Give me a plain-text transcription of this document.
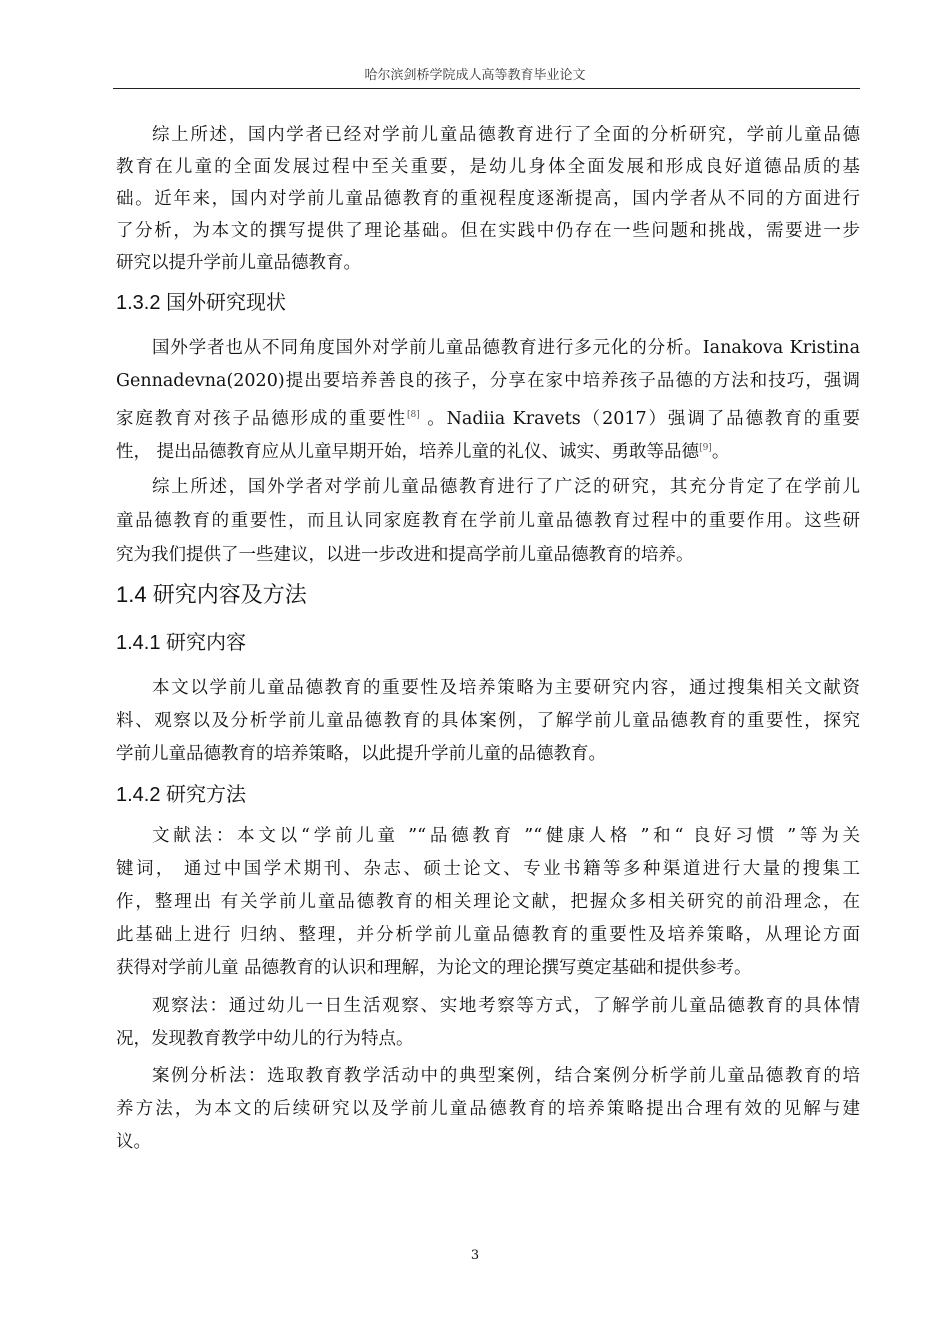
哈尔滨剑桥学院成人高等教育毕业论文
综上所述，国内学者已经对学前儿童品德教育进行了全面的分析研究，学前儿童品德
教育在儿童的全面发展过程中至关重要，是幼儿身体全面发展和形成良好道德品质的基
础。近年来，国内对学前儿童品德教育的重视程度逐渐提高，国内学者从不同的方面进行
了分析，为本文的撰写提供了理论基础。但在实践中仍存在一些问题和挑战，需要进一步
研究以提升学前儿童品德教育。
1.3.2 国外研究现状
国外学者也从不同角度国外对学前儿童品德教育进行多元化的分析。Ianakova Kristina
Gennadevna(2020)提出要培养善良的孩子，分享在家中培养孩子品德的方法和技巧，强调
家庭教育对孩子品德形成的重要性[8] 。Nadiia Kravets（2017）强调了品德教育的重要
性， 提出品德教育应从儿童早期开始，培养儿童的礼仪、诚实、勇敢等品德[9]。
综上所述，国外学者对学前儿童品德教育进行了广泛的研究，其充分肯定了在学前儿
童品德教育的重要性，而且认同家庭教育在学前儿童品德教育过程中的重要作用。这些研
究为我们提供了一些建议，以进一步改进和提高学前儿童品德教育的培养。
1.4 研究内容及方法
1.4.1 研究内容
本文以学前儿童品德教育的重要性及培养策略为主要研究内容，通过搜集相关文献资
料、观察以及分析学前儿童品德教育的具体案例，了解学前儿童品德教育的重要性，探究
学前儿童品德教育的培养策略，以此提升学前儿童的品德教育。
1.4.2 研究方法
文献法：本文以“学前儿童 ”“品德教育 ”“健康人格 ”和“ 良好习惯 ”等为关
键词， 通过中国学术期刊、杂志、硕士论文、专业书籍等多种渠道进行大量的搜集工
作，整理出 有关学前儿童品德教育的相关理论文献，把握众多相关研究的前沿理念，在
此基础上进行 归纳、整理，并分析学前儿童品德教育的重要性及培养策略，从理论方面
获得对学前儿童 品德教育的认识和理解，为论文的理论撰写奠定基础和提供参考。
观察法：通过幼儿一日生活观察、实地考察等方式，了解学前儿童品德教育的具体情
况，发现教育教学中幼儿的行为特点。
案例分析法：选取教育教学活动中的典型案例，结合案例分析学前儿童品德教育的培
养方法，为本文的后续研究以及学前儿童品德教育的培养策略提出合理有效的见解与建
议。
3
